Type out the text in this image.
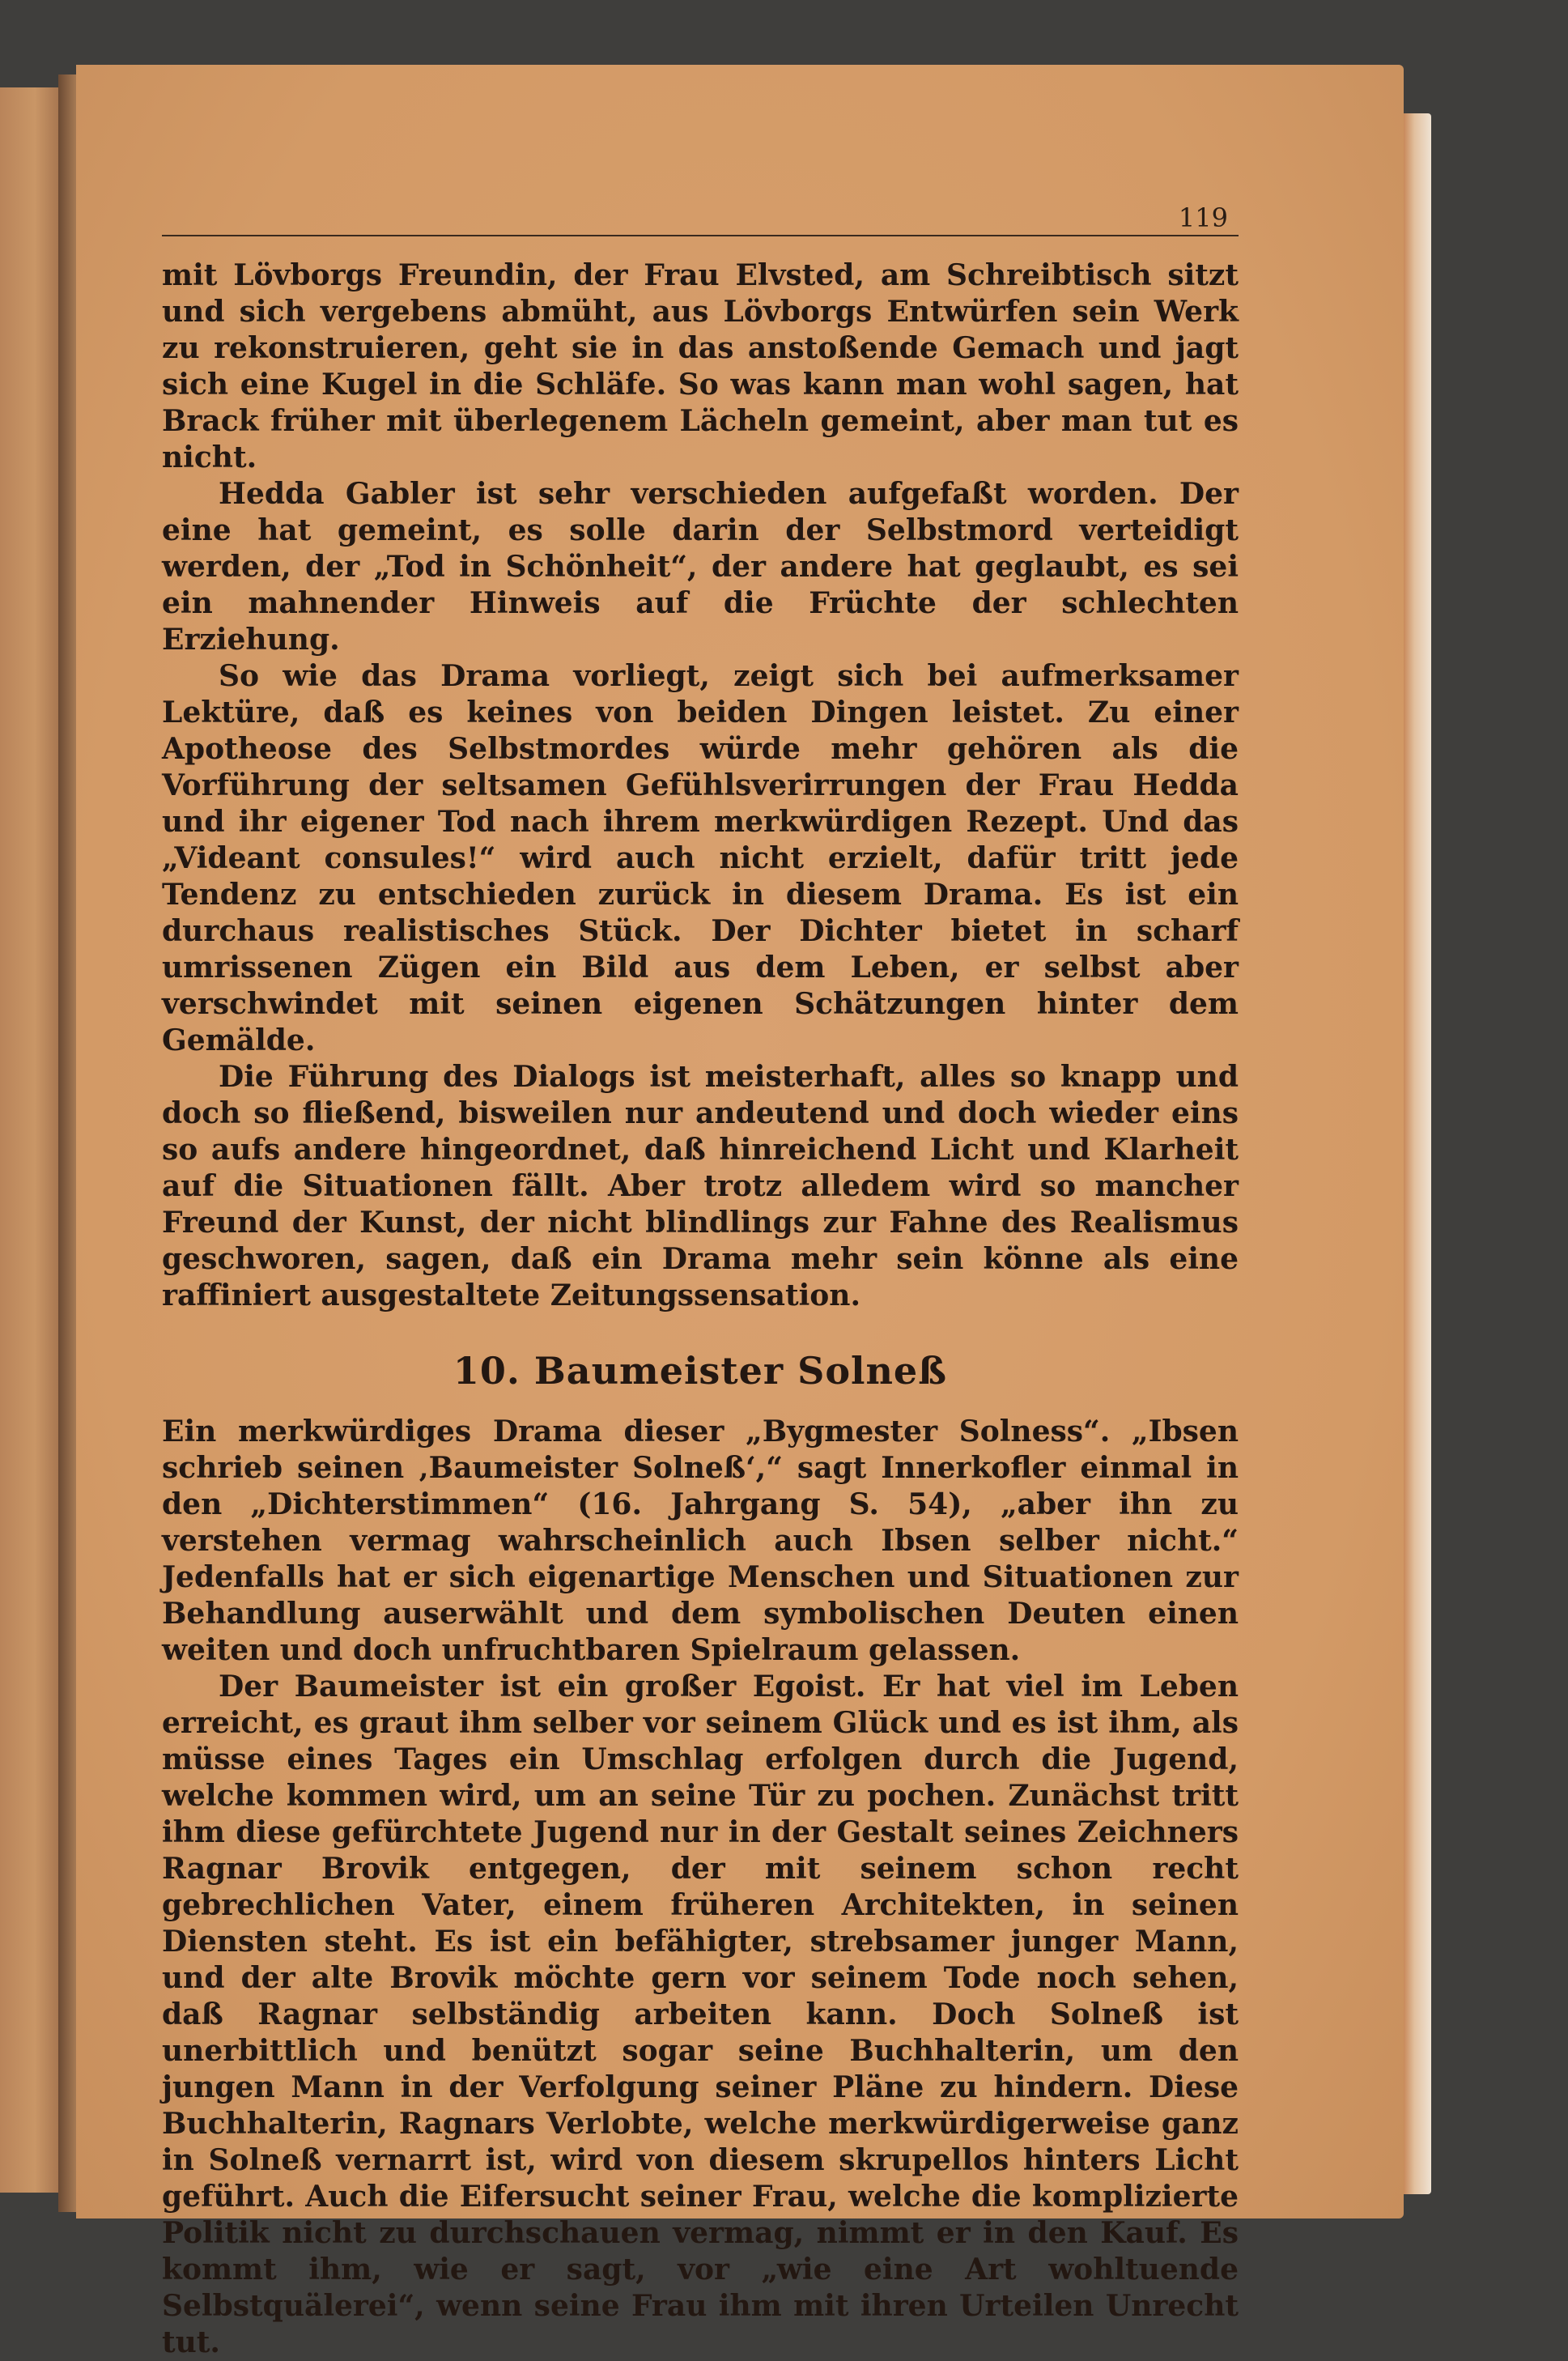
119

mit Lövborgs Freundin, der Frau Elvsted, am Schreibtisch sitzt und sich vergebens abmüht, aus Lövborgs Entwürfen sein Werk zu rekonstruieren, geht sie in das anstoßende Gemach und jagt sich eine Kugel in die Schläfe. So was kann man wohl sagen, hat Brack früher mit überlegenem Lächeln gemeint, aber man tut es nicht.

Hedda Gabler ist sehr verschieden aufgefaßt worden. Der eine hat gemeint, es solle darin der Selbstmord verteidigt werden, der „Tod in Schönheit“, der andere hat geglaubt, es sei ein mahnender Hinweis auf die Früchte der schlechten Erziehung.

So wie das Drama vorliegt, zeigt sich bei aufmerksamer Lektüre, daß es keines von beiden Dingen leistet. Zu einer Apotheose des Selbstmordes würde mehr gehören als die Vorführung der seltsamen Gefühlsverirrungen der Frau Hedda und ihr eigener Tod nach ihrem merkwürdigen Rezept. Und das „Videant consules!“ wird auch nicht erzielt, dafür tritt jede Tendenz zu entschieden zurück in diesem Drama. Es ist ein durchaus realistisches Stück. Der Dichter bietet in scharf umrissenen Zügen ein Bild aus dem Leben, er selbst aber verschwindet mit seinen eigenen Schätzungen hinter dem Gemälde.

Die Führung des Dialogs ist meisterhaft, alles so knapp und doch so fließend, bisweilen nur andeutend und doch wieder eins so aufs andere hingeordnet, daß hinreichend Licht und Klarheit auf die Situationen fällt. Aber trotz alledem wird so mancher Freund der Kunst, der nicht blindlings zur Fahne des Realismus geschworen, sagen, daß ein Drama mehr sein könne als eine raffiniert ausgestaltete Zeitungssensation.

10. Baumeister Solneß

Ein merkwürdiges Drama dieser „Bygmester Solness“. „Ibsen schrieb seinen ‚Baumeister Solneß‘,“ sagt Innerkofler einmal in den „Dichterstimmen“ (16. Jahrgang S. 54), „aber ihn zu verstehen vermag wahrscheinlich auch Ibsen selber nicht.“ Jedenfalls hat er sich eigenartige Menschen und Situationen zur Behandlung auserwählt und dem symbolischen Deuten einen weiten und doch unfruchtbaren Spielraum gelassen.

Der Baumeister ist ein großer Egoist. Er hat viel im Leben erreicht, es graut ihm selber vor seinem Glück und es ist ihm, als müsse eines Tages ein Umschlag erfolgen durch die Jugend, welche kommen wird, um an seine Tür zu pochen. Zunächst tritt ihm diese gefürchtete Jugend nur in der Gestalt seines Zeichners Ragnar Brovik entgegen, der mit seinem schon recht gebrechlichen Vater, einem früheren Architekten, in seinen Diensten steht. Es ist ein befähigter, strebsamer junger Mann, und der alte Brovik möchte gern vor seinem Tode noch sehen, daß Ragnar selbständig arbeiten kann. Doch Solneß ist unerbittlich und benützt sogar seine Buchhalterin, um den jungen Mann in der Verfolgung seiner Pläne zu hindern. Diese Buchhalterin, Ragnars Verlobte, welche merkwürdigerweise ganz in Solneß vernarrt ist, wird von diesem skrupellos hinters Licht geführt. Auch die Eifersucht seiner Frau, welche die komplizierte Politik nicht zu durchschauen vermag, nimmt er in den Kauf. Es kommt ihm, wie er sagt, vor „wie eine Art wohltuende Selbstquälerei“, wenn seine Frau ihm mit ihren Urteilen Unrecht tut.
